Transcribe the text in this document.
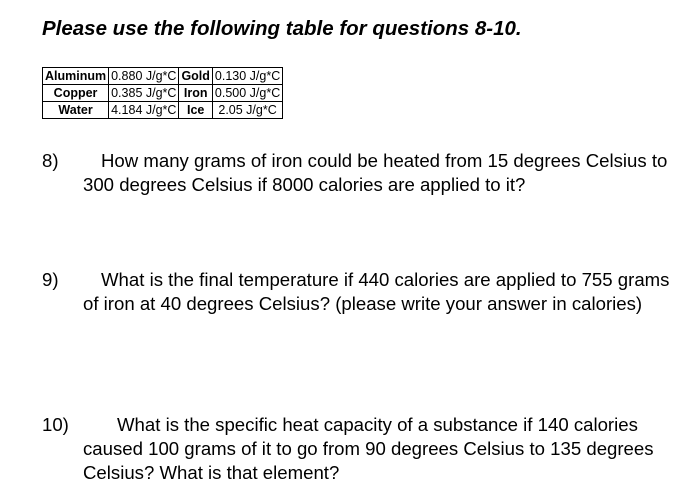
Please use the following table for questions 8-10.
Aluminum	0.880 J/g*C	Gold	0.130 J/g*C
Copper	0.385 J/g*C	Iron	0.500 J/g*C
Water	4.184 J/g*C	Ice	2.05 J/g*C
8)	How many grams of iron could be heated from 15 degrees Celsius to 300 degrees Celsius if 8000 calories are applied to it?
9)	What is the final temperature if 440 calories are applied to 755 grams of iron at 40 degrees Celsius? (please write your answer in calories)
10)	What is the specific heat capacity of a substance if 140 calories caused 100 grams of it to go from 90 degrees Celsius to 135 degrees Celsius? What is that element?
